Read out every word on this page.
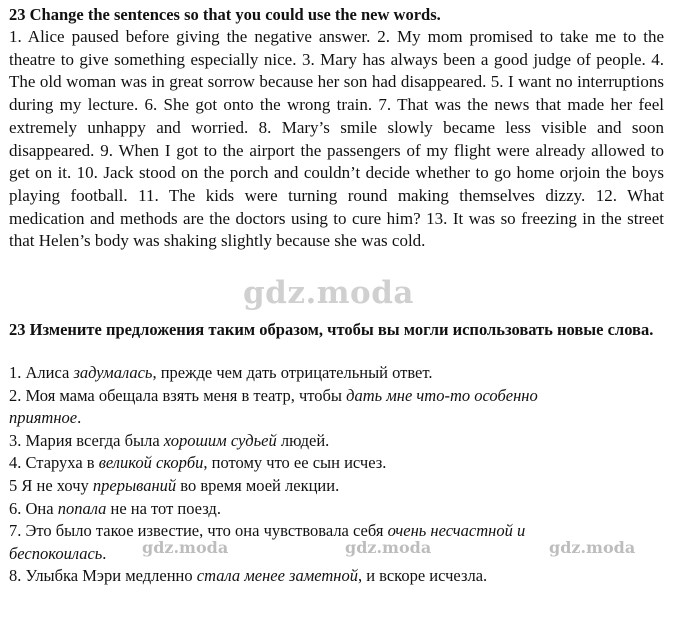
23 Change the sentences so that you could use the new words.
1. Alice paused before giving the negative answer. 2. My mom promised to take me to the theatre to give something especially nice. 3. Mary has always been a good judge of people. 4. The old woman was in great sorrow because her son had disappeared. 5. I want no interruptions during my lecture. 6. She got onto the wrong train. 7. That was the news that made her feel extremely unhappy and worried. 8. Mary’s smile slowly became less visible and soon disappeared. 9. When I got to the airport the passengers of my flight were already allowed to get on it. 10. Jack stood on the porch and couldn’t decide whether to go home orjoin the boys playing football. 11. The kids were turning round making themselves dizzy. 12. What medication and methods are the doctors using to cure him? 13. It was so freezing in the street that Helen’s body was shaking slightly because she was cold.
gdz.moda
23 Измените предложения таким образом, чтобы вы могли использовать новые слова.
1. Алиса задумалась, прежде чем дать отрицательный ответ.
2. Моя мама обещала взять меня в театр, чтобы дать мне что-то особенно
приятное.
3. Мария всегда была хорошим судьей людей.
4. Старуха в великой скорби, потому что ее сын исчез.
5 Я не хочу прерываний во время моей лекции.
6. Она попала не на тот поезд.
7. Это было такое известие, что она чувствовала себя очень несчастной и
беспокоилась.
8. Улыбка Мэри медленно стала менее заметной, и вскоре исчезла.
gdz.moda	gdz.moda	gdz.moda
